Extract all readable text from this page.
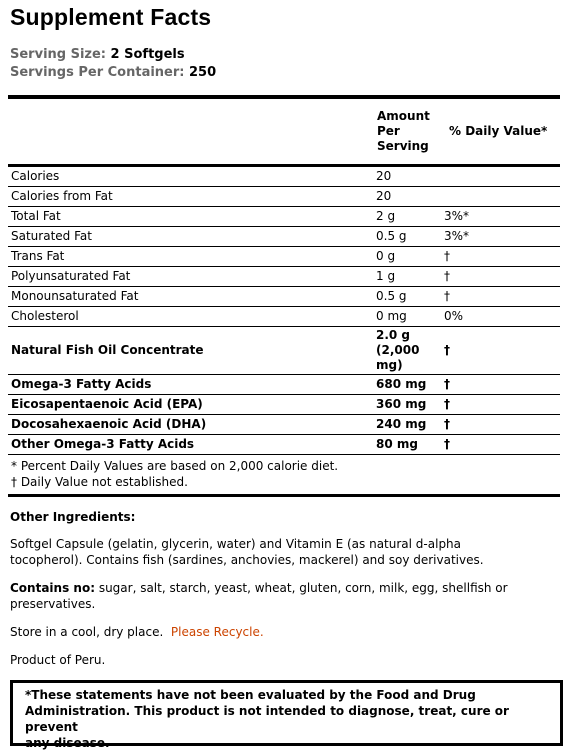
Supplement Facts
Serving Size: 2 Softgels
Servings Per Container: 250

	Amount
Per
Serving	% Daily Value*
Calories	20	
Calories from Fat	20	
Total Fat	2 g	3%*
Saturated Fat	0.5 g	3%*
Trans Fat	0 g	†
Polyunsaturated Fat	1 g	†
Monounsaturated Fat	0.5 g	†
Cholesterol	0 mg	0%
Natural Fish Oil Concentrate	2.0 g
(2,000
mg)	†
Omega-3 Fatty Acids	680 mg	†
Eicosapentaenoic Acid (EPA)	360 mg	†
Docosahexaenoic Acid (DHA)	240 mg	†
Other Omega-3 Fatty Acids	80 mg	†
* Percent Daily Values are based on 2,000 calorie diet.
† Daily Value not established.
Other Ingredients:
Softgel Capsule (gelatin, glycerin, water) and Vitamin E (as natural d-alpha
tocopherol). Contains fish (sardines, anchovies, mackerel) and soy derivatives.
Contains no: sugar, salt, starch, yeast, wheat, gluten, corn, milk, egg, shellfish or
preservatives.
Store in a cool, dry place. Please Recycle.
Product of Peru.
*These statements have not been evaluated by the Food and Drug
Administration. This product is not intended to diagnose, treat, cure or prevent
any disease.
